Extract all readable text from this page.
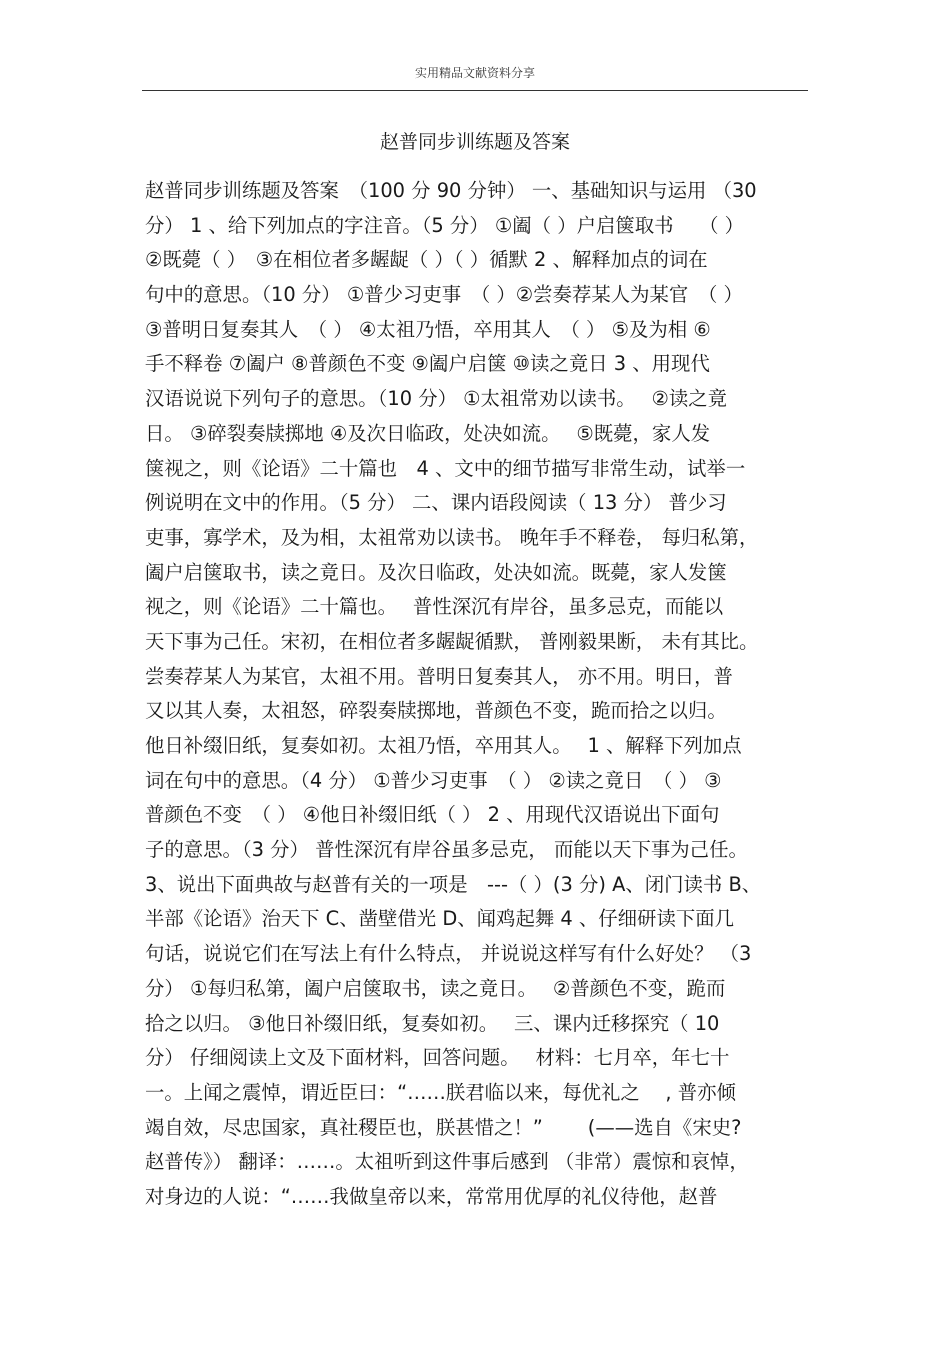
实用精品文献资料分享
赵普同步训练题及答案
赵普同步训练题及答案　（100 分 90 分钟） 一、基础知识与运用 （30
分） 1 、给下列加点的字注音。（5 分） ①阖（ ）户启箧取书　 （ ）
②既薨（ ）　③在相位者多龌龊（ ）（ ）循默 2 、解释加点的词在
句中的意思。（10 分） ①普少习吏事　（ ）②尝奏荐某人为某官　（ ）
③普明日复奏其人　（ ） ④太祖乃悟，卒用其人　（ ） ⑤及为相 ⑥
手不释卷 ⑦阖户 ⑧普颜色不变 ⑨阖户启箧 ⑩读之竟日 3 、用现代
汉语说说下列句子的意思。（10 分） ①太祖常劝以读书。　 ②读之竟
日。 ③碎裂奏牍掷地 ④及次日临政，处决如流。　 ⑤既薨，家人发
箧视之，则《论语》二十篇也　4 、文中的细节描写非常生动，试举一
例说明在文中的作用。（5 分） 二、课内语段阅读（ 13 分） 普少习
吏事，寡学术，及为相，太祖常劝以读书。 晚年手不释卷， 每归私第，
阖户启箧取书，读之竟日。及次日临政，处决如流。既薨，家人发箧
视之，则《论语》二十篇也。　 普性深沉有岸谷，虽多忌克，而能以
天下事为己任。宋初，在相位者多龌龊循默， 普刚毅果断， 未有其比。
尝奏荐某人为某官，太祖不用。普明日复奏其人， 亦不用。明日，普
又以其人奏，太祖怒，碎裂奏牍掷地，普颜色不变，跪而拾之以归。
他日补缀旧纸，复奏如初。太祖乃悟，卒用其人。　 1 、解释下列加点
词在句中的意思。（4 分） ①普少习吏事　（ ） ②读之竟日　（ ） ③
普颜色不变　（ ） ④他日补缀旧纸（ ） 2 、用现代汉语说出下面句
子的意思。（3 分） 普性深沉有岸谷虽多忌克， 而能以天下事为己任。
3、说出下面典故与赵普有关的一项是　---（ ）(3 分) A、闭门读书 B、
半部《论语》治天下 C、凿壁借光 D、闻鸡起舞 4 、仔细研读下面几
句话，说说它们在写法上有什么特点， 并说说这样写有什么好处？ （3
分） ①每归私第，阖户启箧取书，读之竟日。　 ②普颜色不变，跪而
拾之以归。 ③他日补缀旧纸，复奏如初。　 三、课内迁移探究（ 10
分） 仔细阅读上文及下面材料，回答问题。　 材料：七月卒，年七十
一。上闻之震悼，谓近臣曰：“……朕君临以来，每优礼之　 , 普亦倾
竭自效，尽忠国家，真社稷臣也，朕甚惜之！”　　 (——选自《宋史?
赵普传》） 翻译：……。太祖听到这件事后感到 （非常）震惊和哀悼，
对身边的人说：“……我做皇帝以来，常常用优厚的礼仪待他，赵普
